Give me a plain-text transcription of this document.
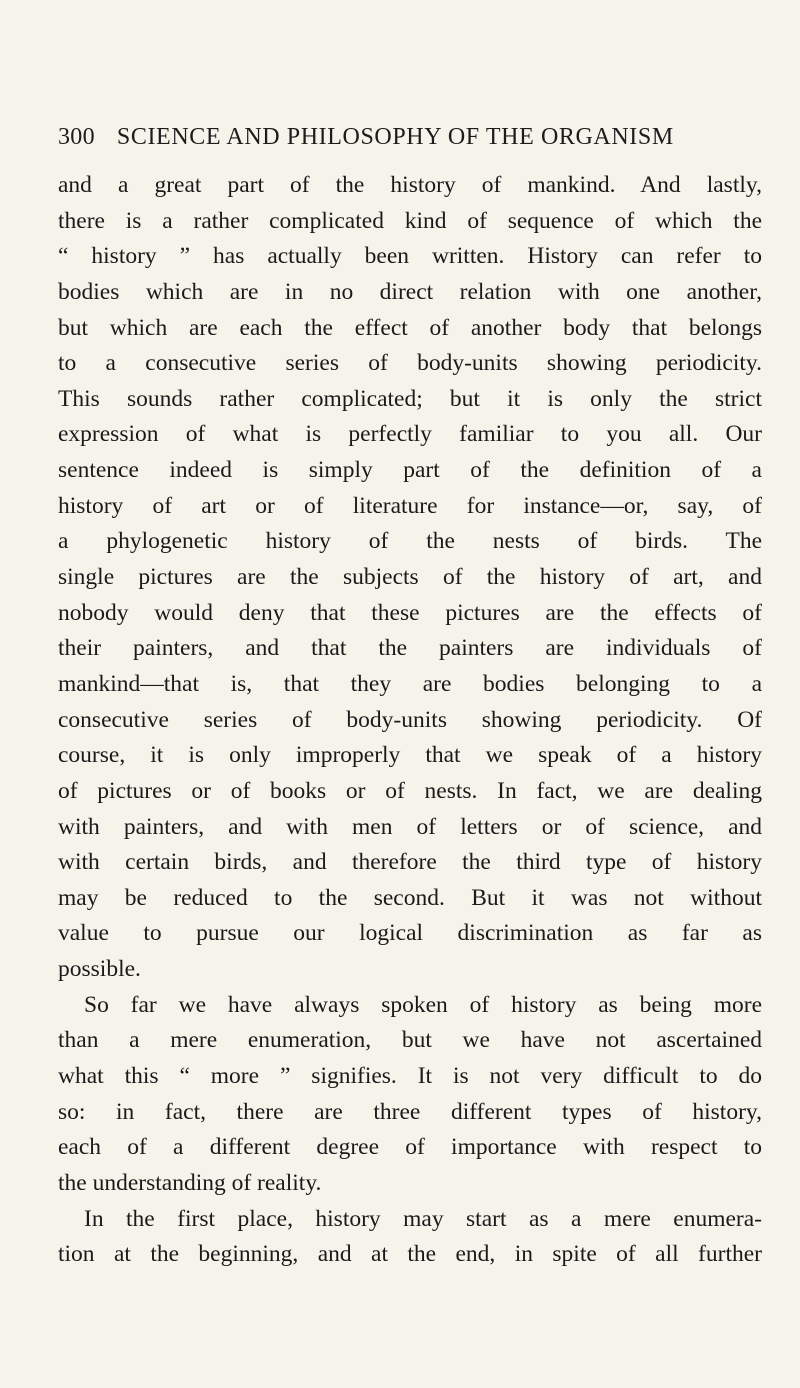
300 SCIENCE AND PHILOSOPHY OF THE ORGANISM
and a great part of the history of mankind. And lastly,
there is a rather complicated kind of sequence of which the
“ history ” has actually been written. History can refer to
bodies which are in no direct relation with one another,
but which are each the effect of another body that belongs
to a consecutive series of body-units showing periodicity.
This sounds rather complicated; but it is only the strict
expression of what is perfectly familiar to you all. Our
sentence indeed is simply part of the definition of a
history of art or of literature for instance—or, say, of
a phylogenetic history of the nests of birds. The
single pictures are the subjects of the history of art, and
nobody would deny that these pictures are the effects of
their painters, and that the painters are individuals of
mankind—that is, that they are bodies belonging to a
consecutive series of body-units showing periodicity. Of
course, it is only improperly that we speak of a history
of pictures or of books or of nests. In fact, we are dealing
with painters, and with men of letters or of science, and
with certain birds, and therefore the third type of history
may be reduced to the second. But it was not without
value to pursue our logical discrimination as far as
possible.
So far we have always spoken of history as being more
than a mere enumeration, but we have not ascertained
what this “ more ” signifies. It is not very difficult to do
so: in fact, there are three different types of history,
each of a different degree of importance with respect to
the understanding of reality.
In the first place, history may start as a mere enumera-
tion at the beginning, and at the end, in spite of all further
